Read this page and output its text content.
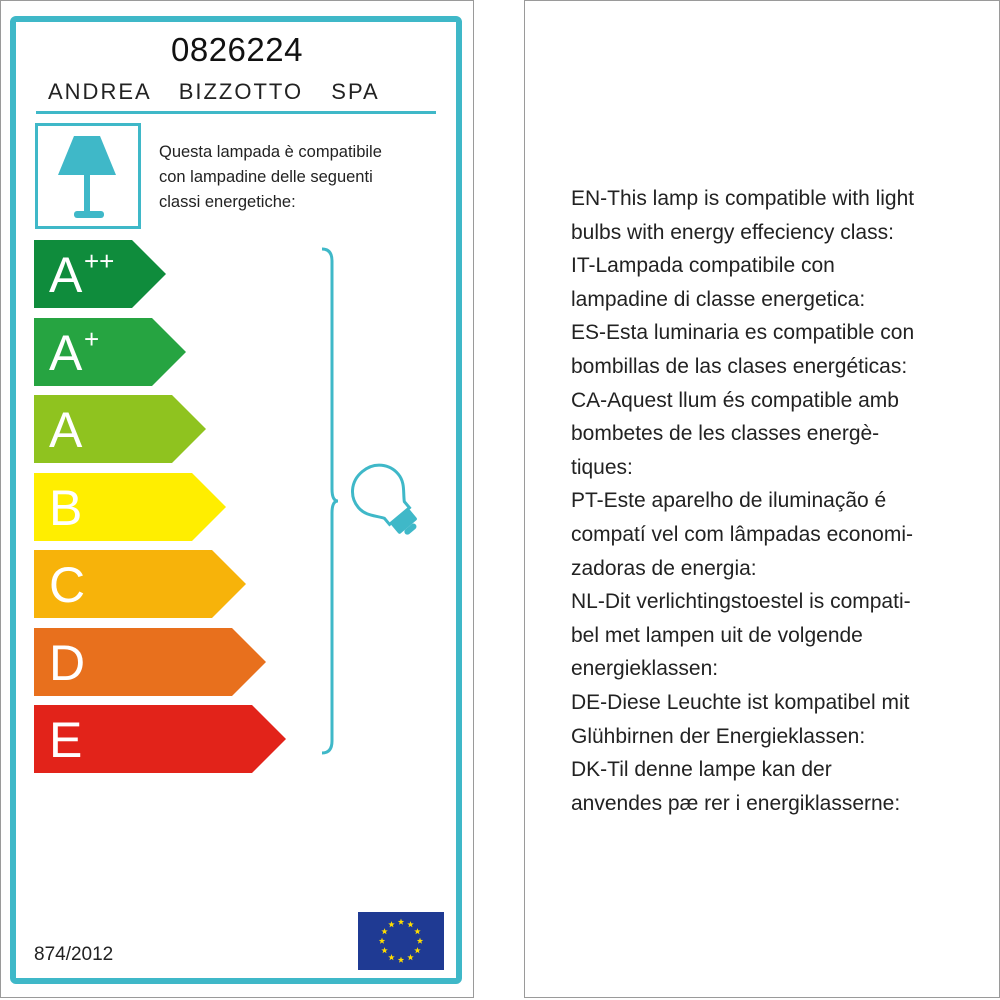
0826224
ANDREA  BIZZOTTO  SPA
Questa lampada è compatibile
con lampadine delle seguenti
classi energetiche:
A ++
A +
A
B
C
D
E
874/2012
EN-This lamp is compatible with light
bulbs with energy effeciency class:
IT-Lampada compatibile con
lampadine di classe energetica:
ES-Esta luminaria es compatible con
bombillas de las clases energéticas:
CA-Aquest llum és compatible amb
bombetes de les classes energè-
tiques:
PT-Este aparelho de iluminação é
compatí vel com lâmpadas economi-
zadoras de energia:
NL-Dit verlichtingstoestel is compati-
bel met lampen uit de volgende
energieklassen:
DE-Diese Leuchte ist kompatibel mit
Glühbirnen der Energieklassen:
DK-Til denne lampe kan der
anvendes pæ rer i energiklasserne:
